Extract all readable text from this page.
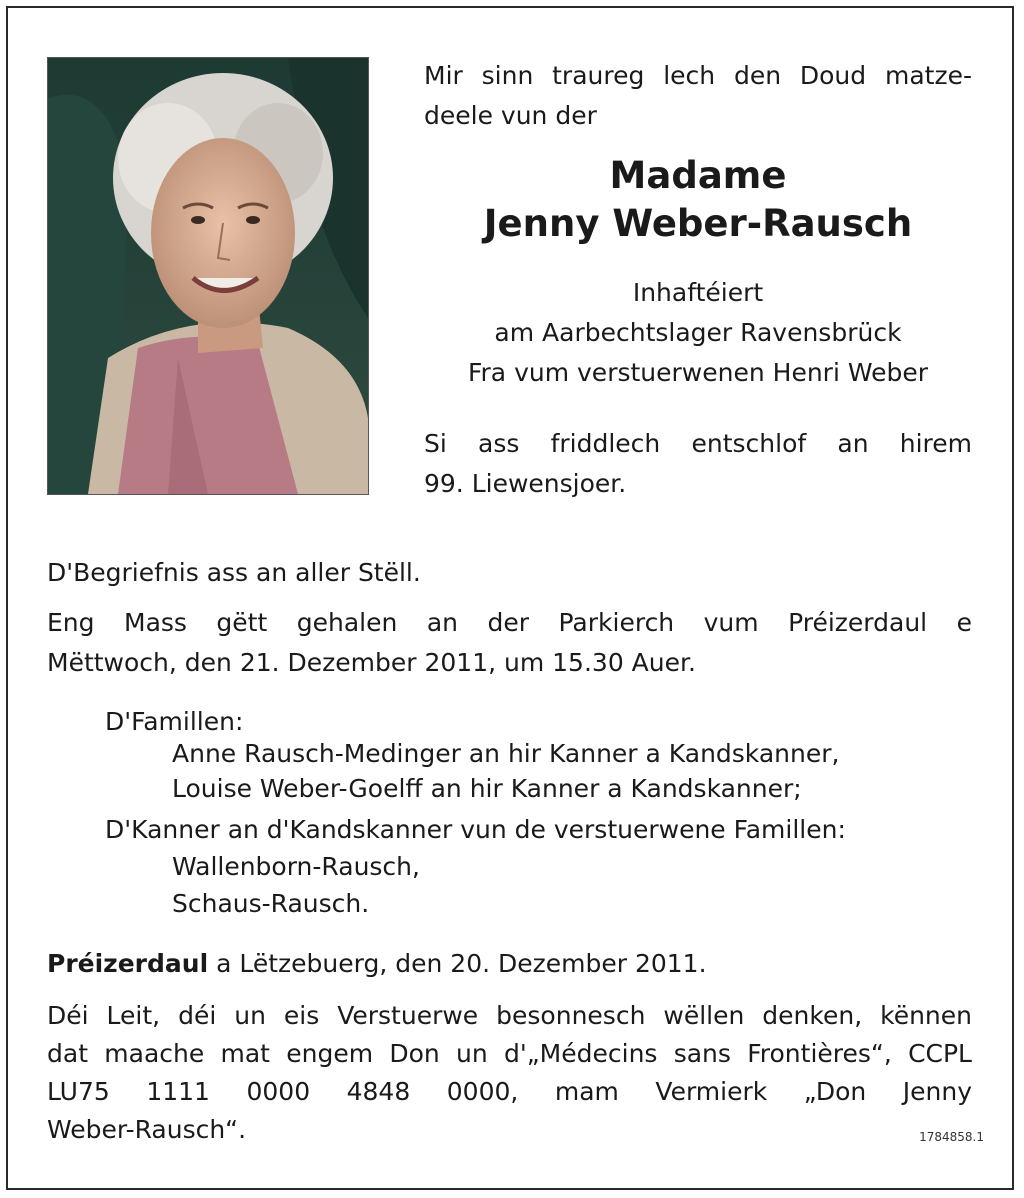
Mir sinn traureg lech den Doud matze-
deele vun der
Madame
Jenny Weber-Rausch
Inhaftéiert
am Aarbechtslager Ravensbrück
Fra vum verstuerwenen Henri Weber
Si ass friddlech entschlof an hirem
99. Liewensjoer.
D'Begriefnis ass an aller Stëll.
Eng Mass gëtt gehalen an der Parkierch vum Préizerdaul e
Mëttwoch, den 21. Dezember 2011, um 15.30 Auer.
D'Famillen:
Anne Rausch-Medinger an hir Kanner a Kandskanner,
Louise Weber-Goelff an hir Kanner a Kandskanner;
D'Kanner an d'Kandskanner vun de verstuerwene Famillen:
Wallenborn-Rausch,
Schaus-Rausch.
Préizerdaul a Lëtzebuerg, den 20. Dezember 2011.
Déi Leit, déi un eis Verstuerwe besonnesch wëllen denken, kënnen
dat maache mat engem Don un d'„Médecins sans Frontières“, CCPL
LU75 1111 0000 4848 0000, mam Vermierk „Don Jenny
Weber-Rausch“.	1784858.1
